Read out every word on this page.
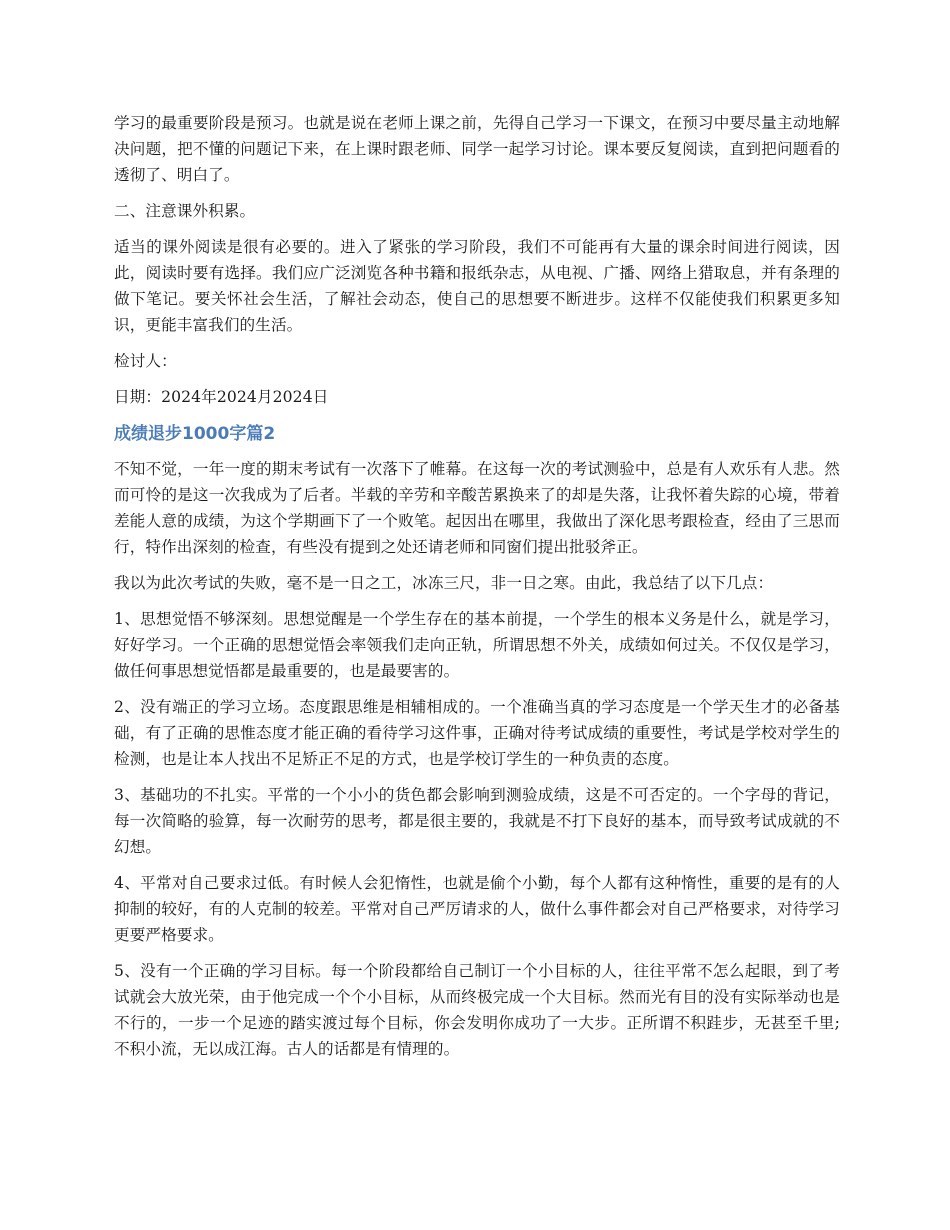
学习的最重要阶段是预习。也就是说在老师上课之前，先得自己学习一下课文，在预习中要尽量主动地解决问题，把不懂的问题记下来，在上课时跟老师、同学一起学习讨论。课本要反复阅读，直到把问题看的透彻了、明白了。

二、注意课外积累。

适当的课外阅读是很有必要的。进入了紧张的学习阶段，我们不可能再有大量的课余时间进行阅读，因此，阅读时要有选择。我们应广泛浏览各种书籍和报纸杂志，从电视、广播、网络上猎取息，并有条理的做下笔记。要关怀社会生活，了解社会动态，使自己的思想要不断进步。这样不仅能使我们积累更多知识，更能丰富我们的生活。

检讨人：

日期：2024年2024月2024日

成绩退步1000字篇2

不知不觉，一年一度的期末考试有一次落下了帷幕。在这每一次的考试测验中，总是有人欢乐有人悲。然而可怜的是这一次我成为了后者。半载的辛劳和辛酸苦累换来了的却是失落，让我怀着失踪的心境，带着差能人意的成绩，为这个学期画下了一个败笔。起因出在哪里，我做出了深化思考跟检查，经由了三思而行，特作出深刻的检查，有些没有提到之处还请老师和同窗们提出批驳斧正。

我以为此次考试的失败，毫不是一日之工，冰冻三尺，非一日之寒。由此，我总结了以下几点：

1、思想觉悟不够深刻。思想觉醒是一个学生存在的基本前提，一个学生的根本义务是什么，就是学习，好好学习。一个正确的思想觉悟会率领我们走向正轨，所谓思想不外关，成绩如何过关。不仅仅是学习，做任何事思想觉悟都是最重要的，也是最要害的。

2、没有端正的学习立场。态度跟思维是相辅相成的。一个准确当真的学习态度是一个学天生才的必备基础，有了正确的思惟态度才能正确的看待学习这件事，正确对待考试成绩的重要性，考试是学校对学生的检测，也是让本人找出不足矫正不足的方式，也是学校订学生的一种负责的态度。

3、基础功的不扎实。平常的一个小小的货色都会影响到测验成绩，这是不可否定的。一个字母的背记，每一次简略的验算，每一次耐劳的思考，都是很主要的，我就是不打下良好的基本，而导致考试成就的不幻想。

4、平常对自己要求过低。有时候人会犯惰性，也就是偷个小勤，每个人都有这种惰性，重要的是有的人抑制的较好，有的人克制的较差。平常对自己严厉请求的人，做什么事件都会对自己严格要求，对待学习更要严格要求。

5、没有一个正确的学习目标。每一个阶段都给自己制订一个小目标的人，往往平常不怎么起眼，到了考试就会大放光荣，由于他完成一个个小目标，从而终极完成一个大目标。然而光有目的没有实际举动也是不行的，一步一个足迹的踏实渡过每个目标，你会发明你成功了一大步。正所谓不积跬步，无甚至千里;不积小流，无以成江海。古人的话都是有情理的。
